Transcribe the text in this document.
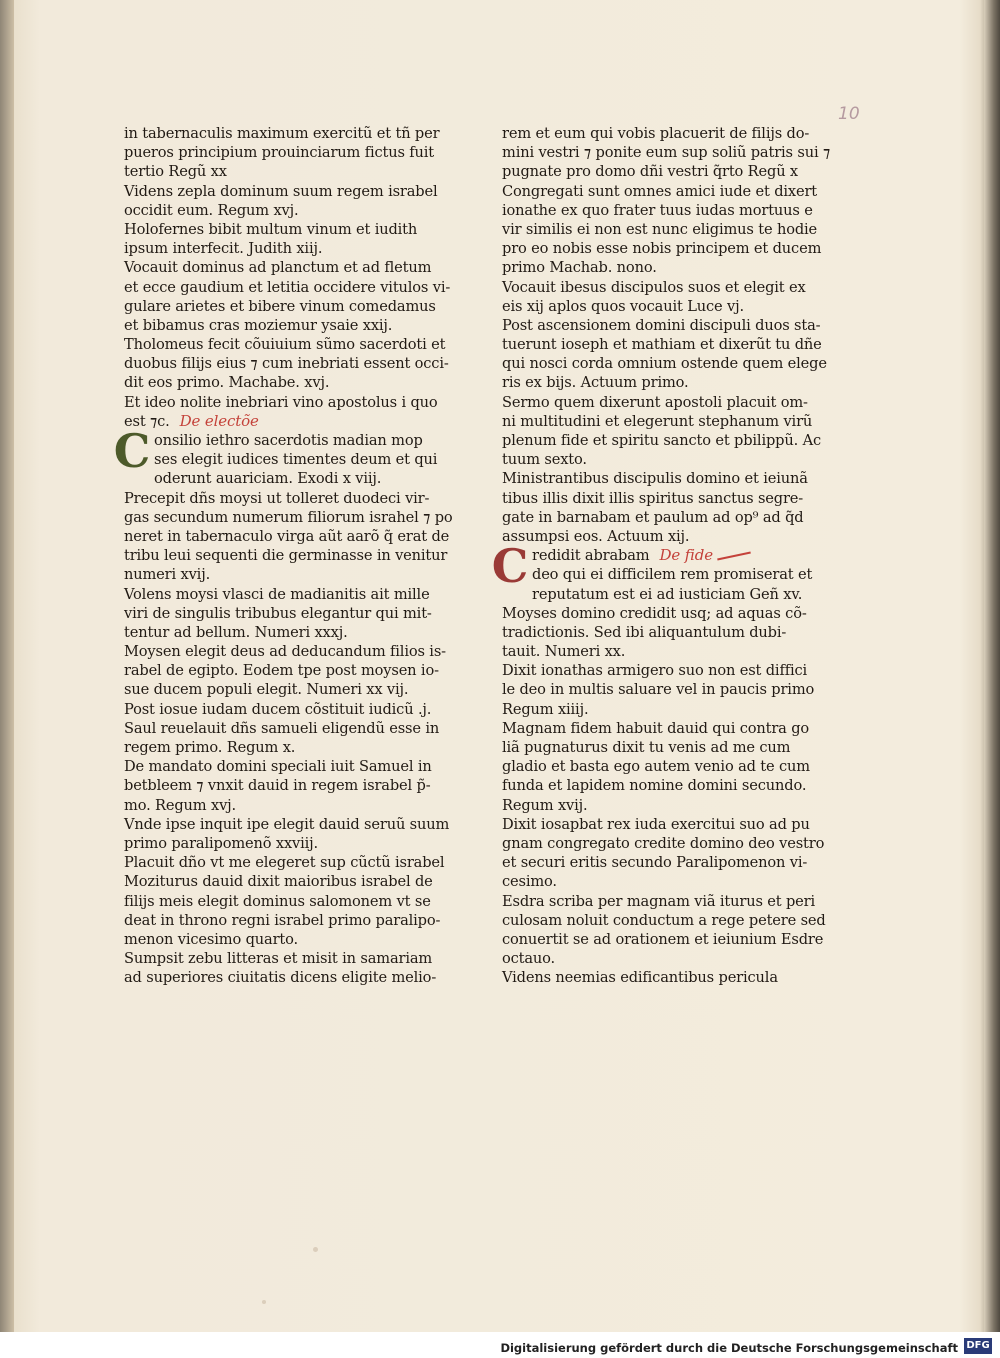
10
in tabernaculis maximum exercitũ et tñ per
pueros principium prouinciarum fictus fuit
tertio Regũ xx
Videns zepla dominum suum regem israbel
occidit eum. Regum xvj.
Holofernes bibit multum vinum et iudith
ipsum interfecit. Judith xiij.
Vocauit dominus ad planctum et ad fletum
et ecce gaudium et letitia occidere vitulos vi-
gulare arietes et bibere vinum comedamus
et bibamus cras moziemur ysaie xxij.
Tholomeus fecit cõuiuium sũmo sacerdoti et
duobus filijs eius ⁊ cum inebriati essent occi-
dit eos primo. Machabe. xvj.
Et ideo nolite inebriari vino apostolus i quo
est ⁊c. De electõe
C onsilio iethro sacerdotis madian mop
ses elegit iudices timentes deum et qui
oderunt auariciam. Exodi x viij.
Precepit dñs moysi ut tolleret duodeci vir-
gas secundum numerum filiorum israhel ⁊ po
neret in tabernaculo virga aũt aarõ q̃ erat de
tribu leui sequenti die germinasse in venitur
numeri xvij.
Volens moysi vlasci de madianitis ait mille
viri de singulis tribubus elegantur qui mit-
tentur ad bellum. Numeri xxxj.
Moysen elegit deus ad deducandum filios is-
rabel de egipto. Eodem tpe post moysen io-
sue ducem populi elegit. Numeri xx vij.
Post iosue iudam ducem cõstituit iudicũ .j.
Saul reuelauit dñs samueli eligendũ esse in
regem primo. Regum x.
De mandato domini speciali iuit Samuel in
betbleem ⁊ vnxit dauid in regem israbel p̃-
mo. Regum xvj.
Vnde ipse inquit ipe elegit dauid seruũ suum
primo paralipomenõ xxviij.
Placuit dño vt me elegeret sup cũctũ israbel
Moziturus dauid dixit maioribus israbel de
filijs meis elegit dominus salomonem vt se
deat in throno regni israbel primo paralipo-
menon vicesimo quarto.
Sumpsit zebu litteras et misit in samariam
ad superiores ciuitatis dicens eligite melio-
rem et eum qui vobis placuerit de filijs do-
mini vestri ⁊ ponite eum sup soliũ patris sui ⁊
pugnate pro domo dñi vestri q̃rto Regũ x
Congregati sunt omnes amici iude et dixert
ionathe ex quo frater tuus iudas mortuus e
vir similis ei non est nunc eligimus te hodie
pro eo nobis esse nobis principem et ducem
primo Machab. nono.
Vocauit ibesus discipulos suos et elegit ex
eis xij aplos quos vocauit Luce vj.
Post ascensionem domini discipuli duos sta-
tuerunt ioseph et mathiam et dixerũt tu dñe
qui nosci corda omnium ostende quem elege
ris ex bijs. Actuum primo.
Sermo quem dixerunt apostoli placuit om-
ni multitudini et elegerunt stephanum virũ
plenum fide et spiritu sancto et pbilippũ. Ac
tuum sexto.
Ministrantibus discipulis domino et ieiunã
tibus illis dixit illis spiritus sanctus segre-
gate in barnabam et paulum ad op⁹ ad q̃d
assumpsi eos. Actuum xij.
C redidit abrabam De fide
deo qui ei difficilem rem promiserat et
reputatum est ei ad iusticiam Geñ xv.
Moyses domino credidit usq; ad aquas cõ-
tradictionis. Sed ibi aliquantulum dubi-
tauit. Numeri xx.
Dixit ionathas armigero suo non est diffici
le deo in multis saluare vel in paucis primo
Regum xiiij.
Magnam fidem habuit dauid qui contra go
liã pugnaturus dixit tu venis ad me cum
gladio et basta ego autem venio ad te cum
funda et lapidem nomine domini secundo.
Regum xvij.
Dixit iosapbat rex iuda exercitui suo ad pu
gnam congregato credite domino deo vestro
et securi eritis secundo Paralipomenon vi-
cesimo.
Esdra scriba per magnam viã iturus et peri
culosam noluit conductum a rege petere sed
conuertit se ad orationem et ieiunium Esdre
octauo.
Videns neemias edificantibus pericula
Digitalisierung gefördert durch die Deutsche Forschungsgemeinschaft DFG
